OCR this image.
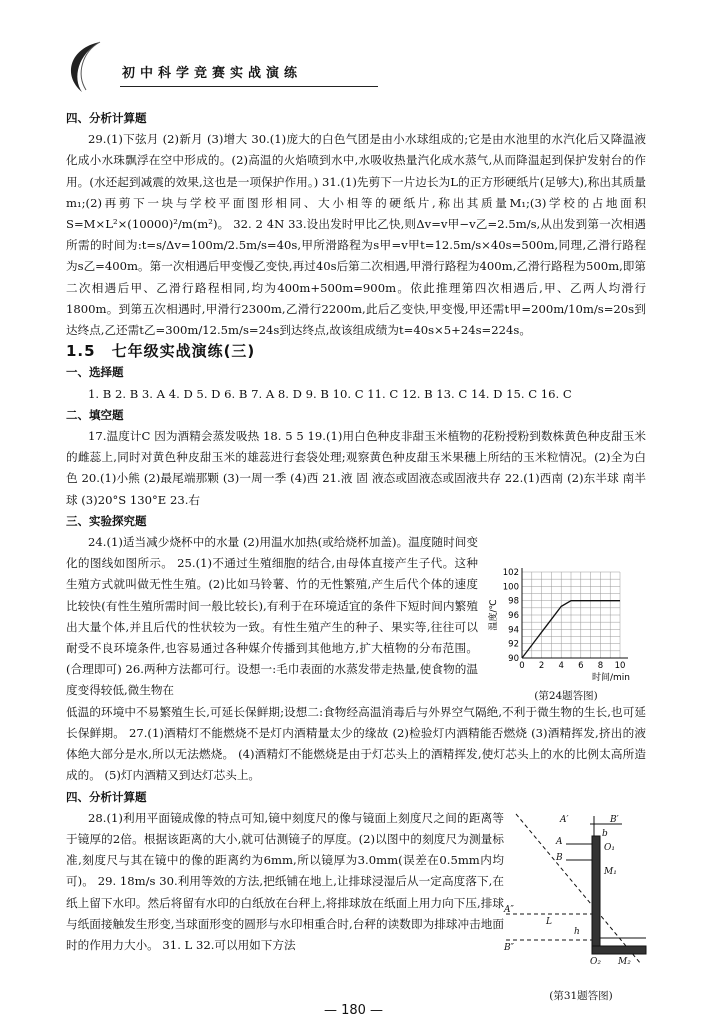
初中科学竞赛实战演练

四、分析计算题

29.(1)下弦月 (2)新月 (3)增大 30.(1)庞大的白色气团是由小水球组成的;它是由水池里的水汽化后又降温液化成小水珠飘浮在空中形成的。(2)高温的火焰喷到水中,水吸收热量汽化成水蒸气,从而降温起到保护发射台的作用。(水还起到减震的效果,这也是一项保护作用。) 31.(1)先剪下一片边长为L的正方形硬纸片(足够大),称出其质量m₁;(2)再剪下一块与学校平面图形相同、大小相等的硬纸片,称出其质量M₁;(3)学校的占地面积S=M×L²×(10000)²/m(m²)。 32. 2 4N 33.设出发时甲比乙快,则Δv=v甲−v乙=2.5m/s,从出发到第一次相遇所需的时间为:t=s/Δv=100m/2.5m/s=40s,甲所滑路程为s甲=v甲t=12.5m/s×40s=500m,同理,乙滑行路程为s乙=400m。第一次相遇后甲变慢乙变快,再过40s后第二次相遇,甲滑行路程为400m,乙滑行路程为500m,即第二次相遇后甲、乙滑行路程相同,均为400m+500m=900m。依此推理第四次相遇后,甲、乙两人均滑行1800m。到第五次相遇时,甲滑行2300m,乙滑行2200m,此后乙变快,甲变慢,甲还需t甲=200m/10m/s=20s到达终点,乙还需t乙=300m/12.5m/s=24s到达终点,故该组成绩为t=40s×5+24s=224s。

1.5　七年级实战演练(三)

一、选择题

1. B 2. B 3. A 4. D 5. D 6. B 7. A 8. D 9. B 10. C 11. C 12. B 13. C 14. D 15. C 16. C

二、填空题

17.温度计C 因为酒精会蒸发吸热 18. 5 5 19.(1)用白色种皮非甜玉米植物的花粉授粉到数株黄色种皮甜玉米的雌蕊上,同时对黄色种皮甜玉米的雄蕊进行套袋处理;观察黄色种皮甜玉米果穗上所结的玉米粒情况。(2)全为白色 20.(1)小熊 (2)最尾端那颗 (3)一周一季 (4)西 21.液 固 液态或固液态或固液共存 22.(1)西南 (2)东半球 南半球 (3)20°S 130°E 23.右

三、实验探究题

24.(1)适当减少烧杯中的水量 (2)用温水加热(或给烧杯加盖)。温度随时间变化的图线如图所示。 25.(1)不通过生殖细胞的结合,由母体直接产生子代。这种生殖方式就叫做无性生殖。(2)比如马铃薯、竹的无性繁殖,产生后代个体的速度比较快(有性生殖所需时间一般比较长),有利于在环境适宜的条件下短时间内繁殖出大量个体,并且后代的性状较为一致。有性生殖产生的种子、果实等,往往可以耐受不良环境条件,也容易通过各种媒介传播到其他地方,扩大植物的分布范围。(合理即可) 26.两种方法都可行。设想一:毛巾表面的水蒸发带走热量,使食物的温度变得较低,微生物在

低温的环境中不易繁殖生长,可延长保鲜期;设想二:食物经高温消毒后与外界空气隔绝,不利于微生物的生长,也可延长保鲜期。 27.(1)酒精灯不能燃烧不是灯内酒精量太少的缘故 (2)检验灯内酒精能否燃烧 (3)酒精挥发,挤出的液体绝大部分是水,所以无法燃烧。 (4)酒精灯不能燃烧是由于灯芯头上的酒精挥发,使灯芯头上的水的比例太高所造成的。 (5)灯内酒精又到达灯芯头上。

四、分析计算题

28.(1)利用平面镜成像的特点可知,镜中刻度尺的像与镜面上刻度尺之间的距离等于镜厚的2倍。根据该距离的大小,就可估测镜子的厚度。(2)以图中的刻度尺为测量标准,刻度尺与其在镜中的像的距离约为6mm,所以镜厚为3.0mm(误差在0.5mm内均可)。 29. 18m/s 30.利用等效的方法,把纸铺在地上,让排球浸湿后从一定高度落下,在纸上留下水印。然后将留有水印的白纸放在台秤上,将排球放在纸面上用力向下压,排球与纸面接触发生形变,当球面形变的圆形与水印相重合时,台秤的读数即为排球冲击地面时的作用力大小。 31. L 32.可以用如下方法

90
92
94
96
98
100
102
0 2 4 6 8 10
温度/℃
时间/min
(第24题答图)
A′	B′
A
b
O₁
B
M₁
A″
B″
L
h
O₂ M₂
(第31题答图)
— 180 —
